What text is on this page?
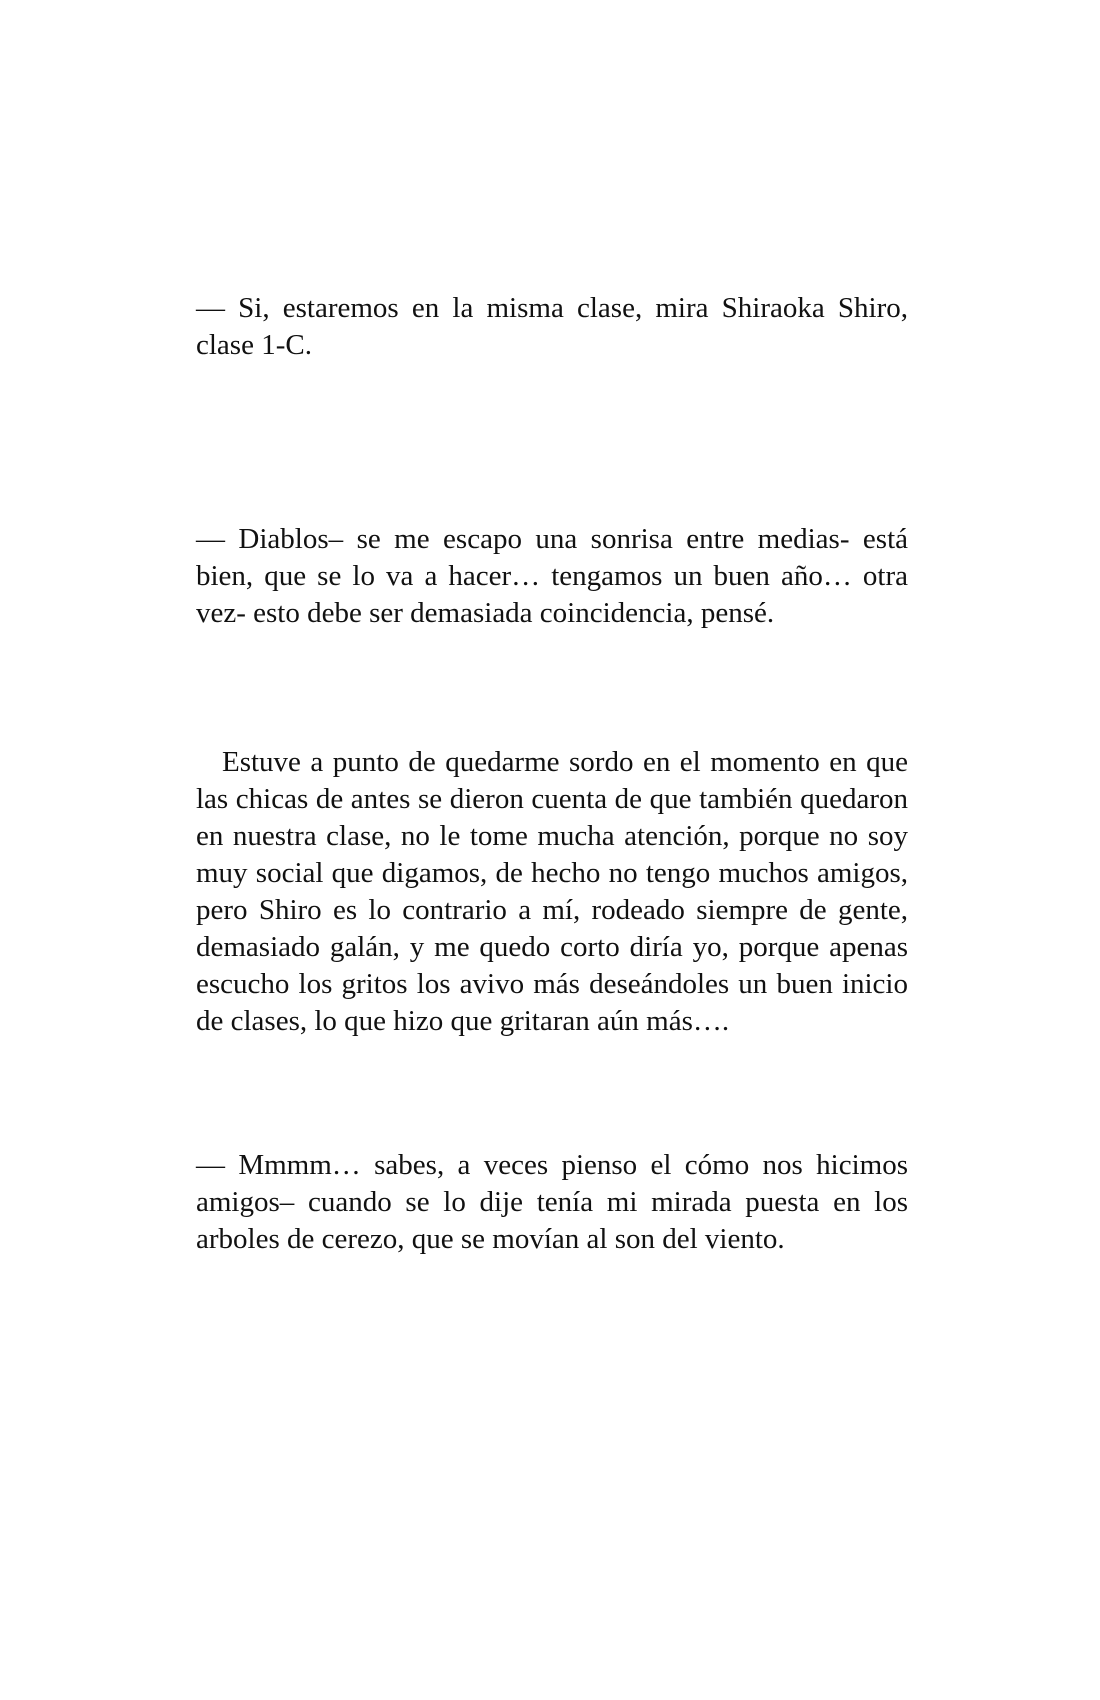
— Si, estaremos en la misma clase, mira Shiraoka Shiro, clase 1-C.

— Diablos– se me escapo una sonrisa entre medias- está bien, que se lo va a hacer… tengamos un buen año… otra vez- esto debe ser demasiada coincidencia, pensé.

Estuve a punto de quedarme sordo en el momento en que las chicas de antes se dieron cuenta de que también quedaron en nuestra clase, no le tome mucha atención, porque no soy muy social que digamos, de hecho no tengo muchos amigos, pero Shiro es lo contrario a mí, rodeado siempre de gente, demasiado galán, y me quedo corto diría yo, porque apenas escucho los gritos los avivo más deseándoles un buen inicio de clases, lo que hizo que gritaran aún más….

— Mmmm… sabes, a veces pienso el cómo nos hicimos amigos– cuando se lo dije tenía mi mirada puesta en los arboles de cerezo, que se movían al son del viento.
